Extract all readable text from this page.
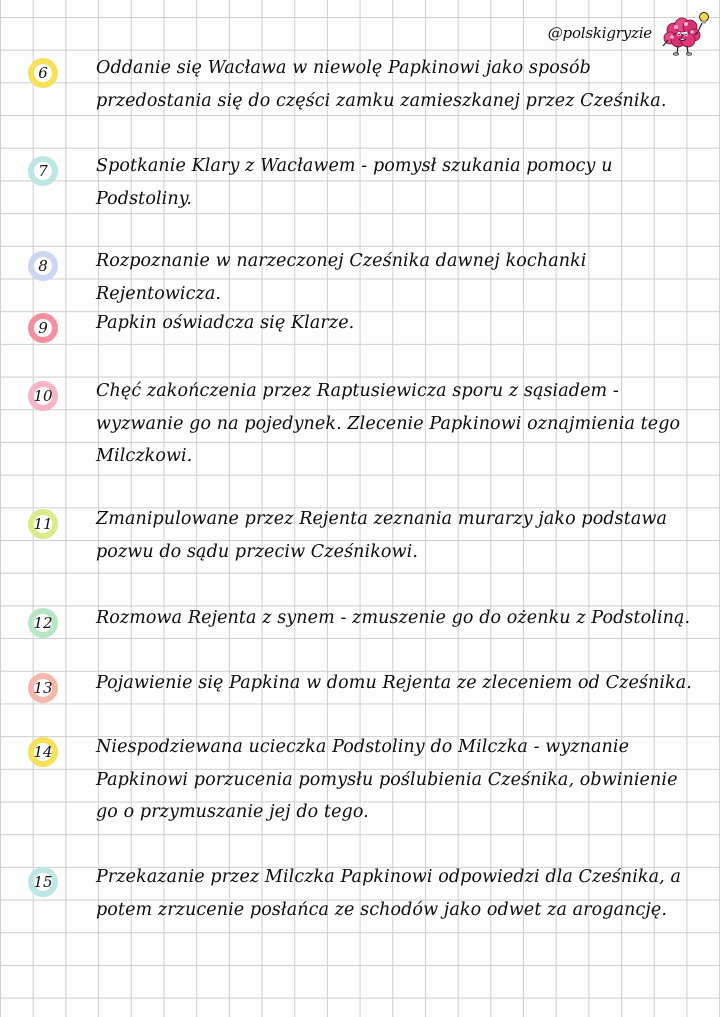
@polskigryzie
6	Oddanie się Wacława w niewolę Papkinowi jako sposób przedostania się do części zamku zamieszkanej przez Cześnika.
7	Spotkanie Klary z Wacławem - pomysł szukania pomocy u Podstoliny.
8	Rozpoznanie w narzeczonej Cześnika dawnej kochanki Rejentowicza.
9	Papkin oświadcza się Klarze.
10 Chęć zakończenia przez Raptusiewicza sporu z sąsiadem - wyzwanie go na pojedynek. Zlecenie Papkinowi oznajmienia tego Milczkowi.
11 Zmanipulowane przez Rejenta zeznania murarzy jako podstawa pozwu do sądu przeciw Cześnikowi.
12 Rozmowa Rejenta z synem - zmuszenie go do ożenku z Podstoliną.
13 Pojawienie się Papkina w domu Rejenta ze zleceniem od Cześnika.
14 Niespodziewana ucieczka Podstoliny do Milczka - wyznanie Papkinowi porzucenia pomysłu poślubienia Cześnika, obwinienie go o przymuszanie jej do tego.
15 Przekazanie przez Milczka Papkinowi odpowiedzi dla Cześnika, a potem zrzucenie posłańca ze schodów jako odwet za arogancję.
